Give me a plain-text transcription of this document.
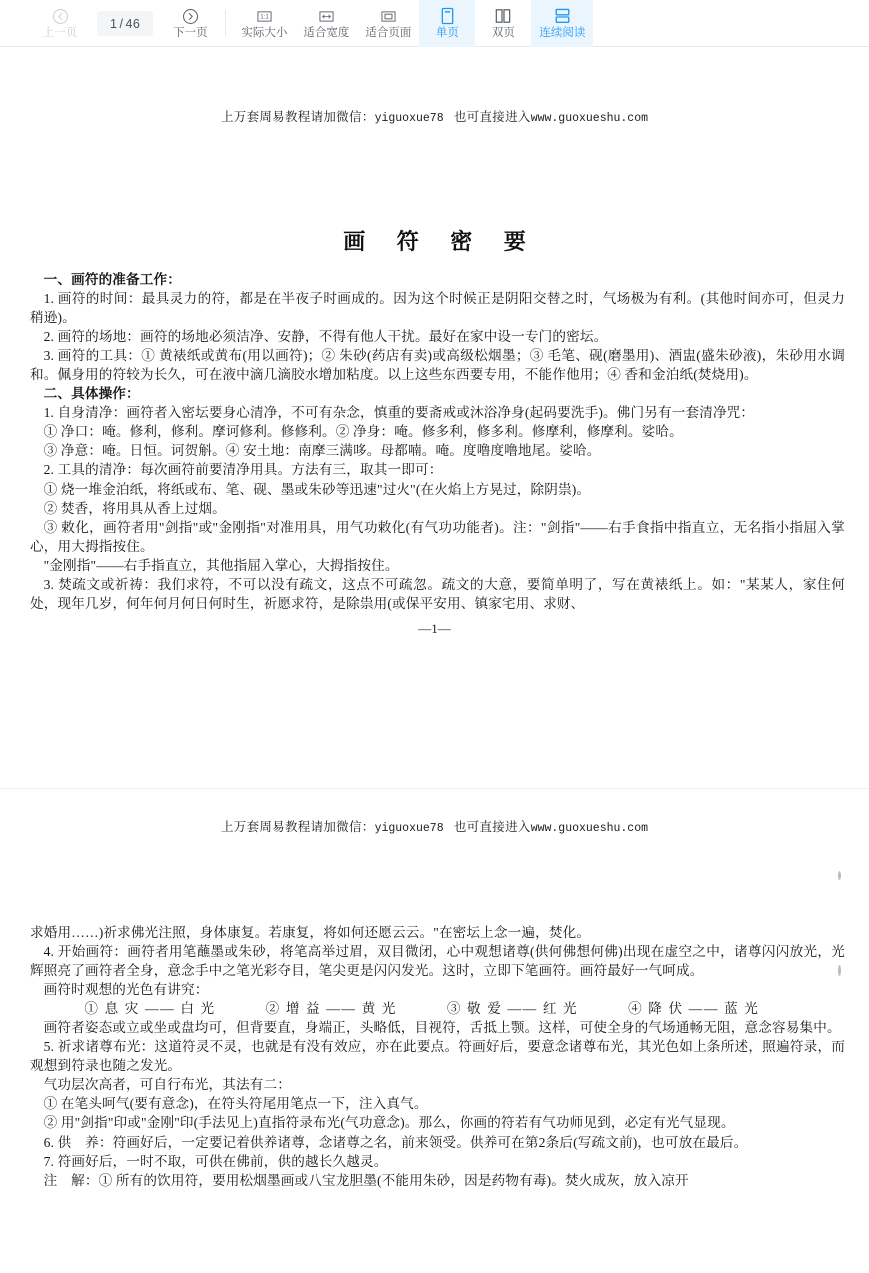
上一页
1 / 46
下一页
1:1
实际大小 适合宽度 适合页面 单页	双页 连续阅读
上万套周易教程请加微信：yiguoxue78 也可直接进入www.guoxueshu.com
画 符 密 要

一、画符的准备工作：

1. 画符的时间：最具灵力的符，都是在半夜子时画成的。因为这个时候正是阴阳交替之时，气场极为有利。(其他时间亦可，但灵力稍逊)。

2. 画符的场地：画符的场地必须洁净、安静，不得有他人干扰。最好在家中设一专门的密坛。

3. 画符的工具：① 黄裱纸或黄布(用以画符)；② 朱砂(药店有卖)或高级松烟墨；③ 毛笔、砚(磨墨用)、酒盅(盛朱砂液)，朱砂用水调和。佩身用的符较为长久，可在液中滴几滴胶水增加粘度。以上这些东西要专用，不能作他用；④ 香和金泊纸(焚烧用)。

二、具体操作：

1. 自身清净：画符者入密坛要身心清净，不可有杂念，慎重的要斋戒或沐浴净身(起码要洗手)。佛门另有一套清净咒：

① 净口：唵。修利，修利。摩诃修利。修修利。② 净身：唵。修多利，修多利。修摩利，修摩利。娑哈。

③ 净意：唵。日恒。诃贺斛。④ 安土地：南摩三满哆。母都喃。唵。度噜度噜地尾。娑哈。

2. 工具的清净：每次画符前要清净用具。方法有三，取其一即可：

① 烧一堆金泊纸，将纸或布、笔、砚、墨或朱砂等迅速"过火"(在火焰上方晃过，除阴祟)。

② 焚香，将用具从香上过烟。

③ 敕化，画符者用"剑指"或"金刚指"对准用具，用气功敕化(有气功功能者)。注："剑指"——右手食指中指直立，无名指小指屈入掌心，用大拇指按住。

"金刚指"——右手指直立，其他指屈入掌心，大拇指按住。

3. 焚疏文或祈祷：我们求符，不可以没有疏文，这点不可疏忽。疏文的大意，要简单明了，写在黄裱纸上。如："某某人，家住何处，现年几岁，何年何月何日何时生，祈愿求符，是除祟用(或保平安用、镇家宅用、求财、

—1—
上万套周易教程请加微信：yiguoxue78 也可直接进入www.guoxueshu.com

求婚用……)祈求佛光注照，身体康复。若康复，将如何还愿云云。"在密坛上念一遍，焚化。

4. 开始画符：画符者用笔蘸墨或朱砂，将笔高举过眉，双目微闭，心中观想诸尊(供何佛想何佛)出现在虚空之中，诸尊闪闪放光，光辉照亮了画符者全身，意念手中之笔光彩夺目，笔尖更是闪闪发光。这时，立即下笔画符。画符最好一气呵成。

画符时观想的光色有讲究：

① 息 灾 —— 白 光	② 增 益 —— 黄 光	③ 敬 爱 —— 红 光	④ 降 伏 —— 蓝 光

画符者姿态或立或坐或盘均可，但背要直，身端正，头略低，目视符，舌抵上颚。这样，可使全身的气场通畅无阻，意念容易集中。

5. 祈求诸尊布光：这道符灵不灵，也就是有没有效应，亦在此要点。符画好后，要意念诸尊布光，其光色如上条所述，照遍符录，而观想到符录也随之发光。

气功层次高者，可自行布光，其法有二：

① 在笔头呵气(要有意念)，在符头符尾用笔点一下，注入真气。

② 用"剑指"印或"金刚"印(手法见上)直指符录布光(气功意念)。那么，你画的符若有气功师见到，必定有光气显现。

6. 供　养：符画好后，一定要记着供养诸尊，念诸尊之名，前来领受。供养可在第2条后(写疏文前)，也可放在最后。

7. 符画好后，一时不取，可供在佛前，供的越长久越灵。

注　解：① 所有的饮用符，要用松烟墨画或八宝龙胆墨(不能用朱砂，因是药物有毒)。焚火成灰，放入凉开
